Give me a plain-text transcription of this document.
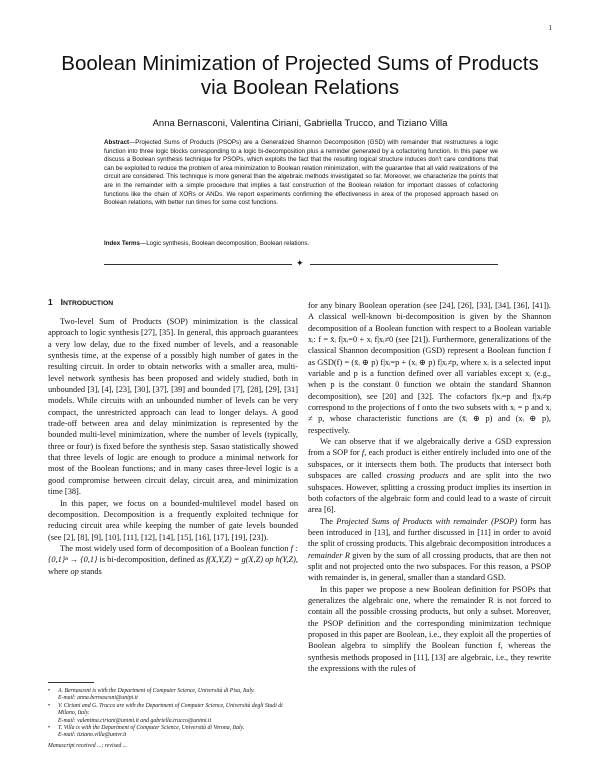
1
Boolean Minimization of Projected Sums of Products via Boolean Relations
Anna Bernasconi, Valentina Ciriani, Gabriella Trucco, and Tiziano Villa

Abstract—Projected Sums of Products (PSOPs) are a Generalized Shannon Decomposition (GSD) with remainder that restructures a logic function into three logic blocks corresponding to a logic bi-decomposition plus a reminder generated by a cofactoring function. In this paper we discuss a Boolean synthesis technique for PSOPs, which exploits the fact that the resulting logical structure induces don't care conditions that can be exploited to reduce the problem of area minimization to Boolean relation minimization, with the guarantee that all valid realizations of the circuit are considered. This technique is more general than the algebraic methods investigated so far. Moreover, we characterize the points that are in the remainder with a simple procedure that implies a fast construction of the Boolean relation for important classes of cofactoring functions like the chain of XORs or ANDs. We report experiments confirming the effectiveness in area of the proposed approach based on Boolean relations, with better run times for some cost functions.

Index Terms—Logic synthesis, Boolean decomposition, Boolean relations.
✦
1 INTRODUCTION

Two-level Sum of Products (SOP) minimization is the classical approach to logic synthesis [27], [35]. In general, this approach guarantees a very low delay, due to the fixed number of levels, and a reasonable synthesis time, at the expense of a possibly high number of gates in the resulting circuit. In order to obtain networks with a smaller area, multi-level network synthesis has been proposed and widely studied, both in unbounded [3], [4], [23], [30], [37], [39] and bounded [7], [28], [29], [31] models. While circuits with an unbounded number of levels can be very compact, the unrestricted approach can lead to longer delays. A good trade-off between area and delay minimization is represented by the bounded multi-level minimization, where the number of levels (typically, three or four) is fixed before the synthesis step. Sasao statistically showed that three levels of logic are enough to produce a minimal network for most of the Boolean functions; and in many cases three-level logic is a good compromise between circuit delay, circuit area, and minimization time [38].

In this paper, we focus on a bounded-multilevel model based on decomposition. Decomposition is a frequently exploited technique for reducing circuit area while keeping the number of gate levels bounded (see [2], [8], [9], [10], [11], [12], [14], [15], [16], [17], [19], [23]).

The most widely used form of decomposition of a Boolean function f : {0,1}ⁿ → {0,1} is bi-decomposition, defined as f(X,Y,Z) = g(X,Z) op h(Y,Z), where op stands

•	A. Bernasconi is with the Department of Computer Science, Università di Pisa, Italy.
E-mail: anna.bernasconi@unipi.it
•	V. Ciriani and G. Trucco are with the Department of Computer Science, Università degli Studi di Milano, Italy.
E-mail: valentina.ciriani@unimi.it and gabriella.trucco@unimi.it
•	T. Villa is with the Department of Computer Science, Università di Verona, Italy.
E-mail: tiziano.villa@univr.it
Manuscript received ...; revised ...

for any binary Boolean operation (see [24], [26], [33], [34], [36], [41]). A classical well-known bi-decomposition is given by the Shannon decomposition of a Boolean function with respect to a Boolean variable xᵢ: f = x̄ᵢ f|xᵢ=0 + xᵢ f|xᵢ≠0 (see [21]). Furthermore, generalizations of the classical Shannon decomposition (GSD) represent a Boolean function f as GSD(f) = (x̄ᵢ ⊕ p) f|xᵢ=p + (xᵢ ⊕ p) f|xᵢ≠p, where xᵢ is a selected input variable and p is a function defined over all variables except xᵢ (e.g., when p is the constant 0 function we obtain the standard Shannon decomposition), see [20] and [32]. The cofactors f|xᵢ=p and f|xᵢ≠p correspond to the projections of f onto the two subsets with xᵢ = p and xᵢ ≠ p, whose characteristic functions are (x̄ᵢ ⊕ p) and (xᵢ ⊕ p), respectively.

We can observe that if we algebraically derive a GSD expression from a SOP for f, each product is either entirely included into one of the subspaces, or it intersects them both. The products that intersect both subspaces are called crossing products and are split into the two subspaces. However, splitting a crossing product implies its insertion in both cofactors of the algebraic form and could lead to a waste of circuit area [6].

The Projected Sums of Products with remainder (PSOP) form has been introduced in [13], and further discussed in [11] in order to avoid the split of crossing products. This algebraic decomposition introduces a remainder R given by the sum of all crossing products, that are then not split and not projected onto the two subspaces. For this reason, a PSOP with remainder is, in general, smaller than a standard GSD.

In this paper we propose a new Boolean definition for PSOPs that generalizes the algebraic one, where the remainder R is not forced to contain all the possible crossing products, but only a subset. Moreover, the PSOP definition and the corresponding minimization technique proposed in this paper are Boolean, i.e., they exploit all the properties of Boolean algebra to simplify the Boolean function f, whereas the synthesis methods proposed in [11], [13] are algebraic, i.e., they rewrite the expressions with the rules of
